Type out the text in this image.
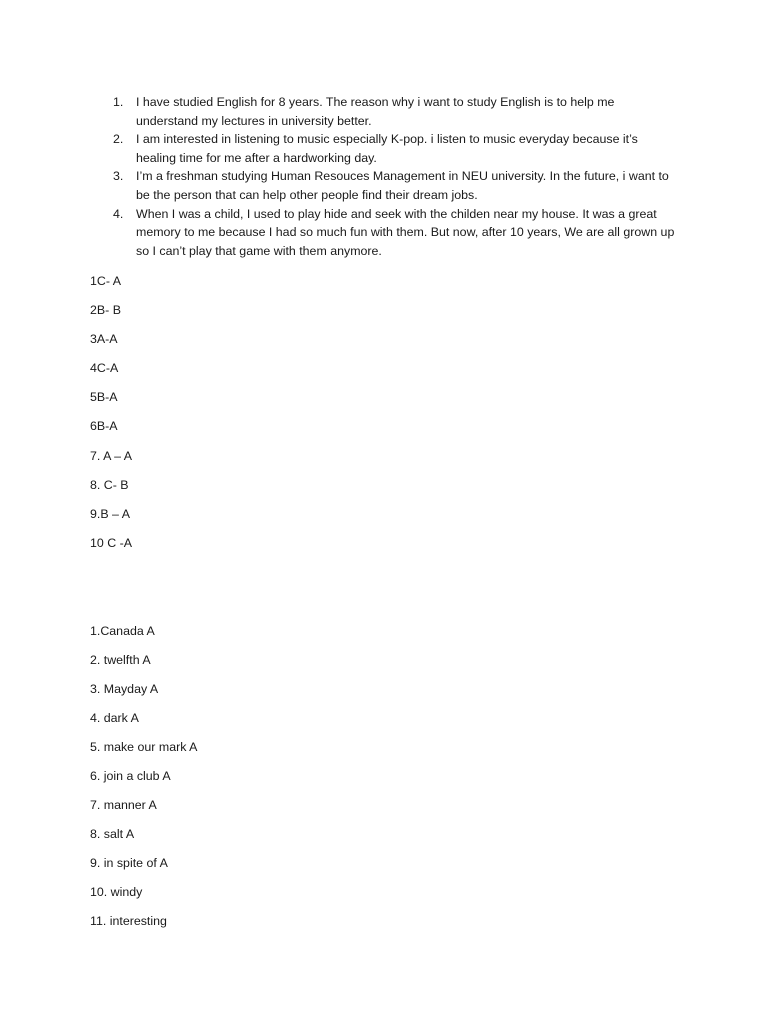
1. I have studied English for 8 years. The reason why i want to study English is to help me understand my lectures in university better.
2. I am interested in listening to music especially K-pop. i listen to music everyday because it’s healing time for me after a hardworking day.
3. I’m a freshman studying Human Resouces Management in NEU university. In the future, i want to be the person that can help other people find their dream jobs.
4. When I was a child, I used to play hide and seek with the childen near my house. It was a great memory to me because I had so much fun with them. But now, after 10 years, We are all grown up so I can’t play that game with them anymore.
1C- A
2B- B
3A-A
4C-A
5B-A
6B-A
7. A – A
8. C- B
9.B – A
10 C -A
1.Canada A
2. twelfth A
3. Mayday A
4. dark A
5. make our mark A
6. join a club A
7. manner A
8. salt A
9. in spite of A
10. windy
11. interesting
